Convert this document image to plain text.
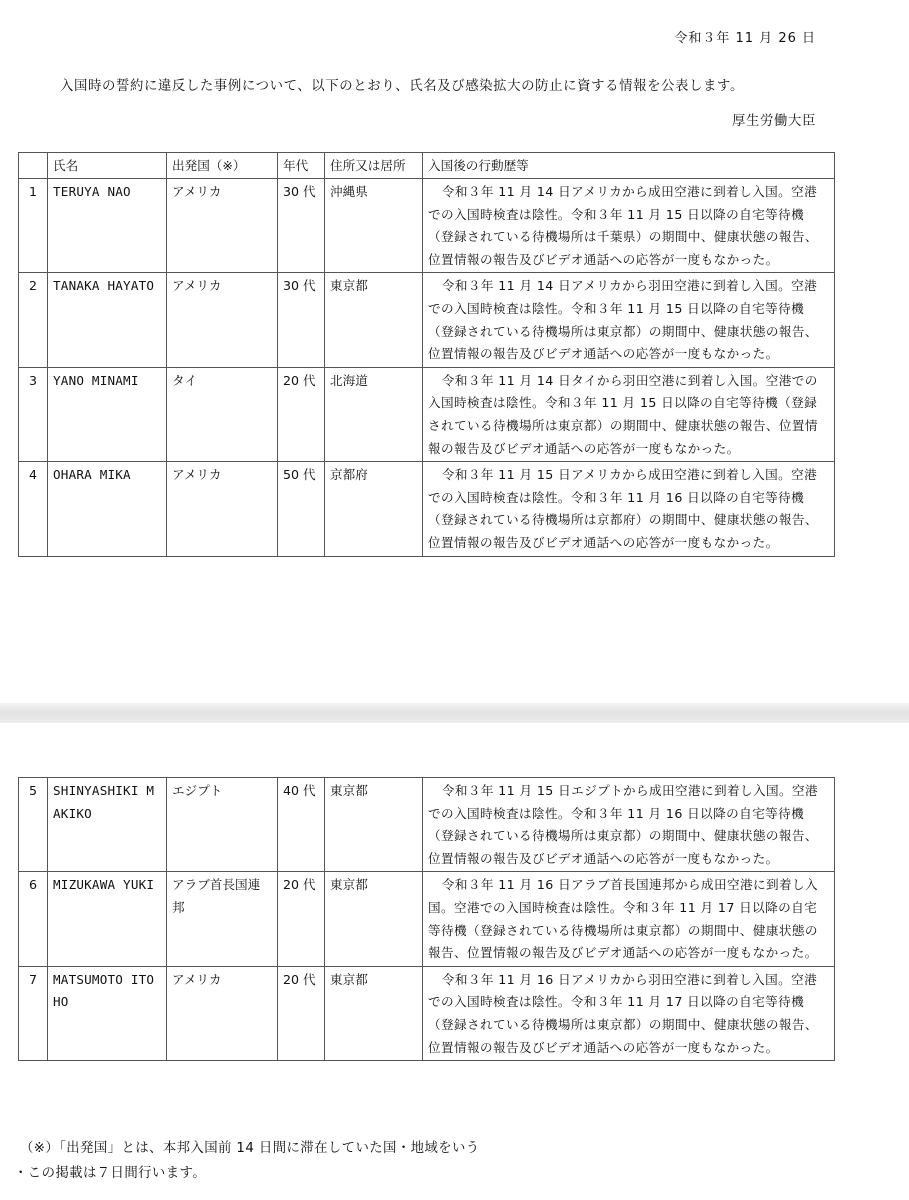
令和３年 11 月 26 日
入国時の誓約に違反した事例について、以下のとおり、氏名及び感染拡大の防止に資する情報を公表します。
厚生労働大臣
	氏名	出発国（※）	年代	住所又は居所	入国後の行動歴等
1	TERUYA NAO	アメリカ	30 代	沖縄県	令和３年 11 月 14 日アメリカから成田空港に到着し入国。空港での入国時検査は陰性。令和３年 11 月 15 日以降の自宅等待機（登録されている待機場所は千葉県）の期間中、健康状態の報告、位置情報の報告及びビデオ通話への応答が一度もなかった。
2	TANAKA HAYATO	アメリカ	30 代	東京都	令和３年 11 月 14 日アメリカから羽田空港に到着し入国。空港での入国時検査は陰性。令和３年 11 月 15 日以降の自宅等待機（登録されている待機場所は東京都）の期間中、健康状態の報告、位置情報の報告及びビデオ通話への応答が一度もなかった。
3	YANO MINAMI	タイ	20 代	北海道	令和３年 11 月 14 日タイから羽田空港に到着し入国。空港での入国時検査は陰性。令和３年 11 月 15 日以降の自宅等待機（登録されている待機場所は東京都）の期間中、健康状態の報告、位置情報の報告及びビデオ通話への応答が一度もなかった。
4	OHARA MIKA	アメリカ	50 代	京都府	令和３年 11 月 15 日アメリカから成田空港に到着し入国。空港での入国時検査は陰性。令和３年 11 月 16 日以降の自宅等待機（登録されている待機場所は京都府）の期間中、健康状態の報告、位置情報の報告及びビデオ通話への応答が一度もなかった。
5	SHINYASHIKI MAKIKO	エジプト	40 代	東京都	令和３年 11 月 15 日エジプトから成田空港に到着し入国。空港での入国時検査は陰性。令和３年 11 月 16 日以降の自宅等待機（登録されている待機場所は東京都）の期間中、健康状態の報告、位置情報の報告及びビデオ通話への応答が一度もなかった。
6	MIZUKAWA YUKI	アラブ首長国連邦	20 代	東京都	令和３年 11 月 16 日アラブ首長国連邦から成田空港に到着し入国。空港での入国時検査は陰性。令和３年 11 月 17 日以降の自宅等待機（登録されている待機場所は東京都）の期間中、健康状態の報告、位置情報の報告及びビデオ通話への応答が一度もなかった。
7	MATSUMOTO ITOHO	アメリカ	20 代	東京都	令和３年 11 月 16 日アメリカから羽田空港に到着し入国。空港での入国時検査は陰性。令和３年 11 月 17 日以降の自宅等待機（登録されている待機場所は東京都）の期間中、健康状態の報告、位置情報の報告及びビデオ通話への応答が一度もなかった。
（※）「出発国」とは、本邦入国前 14 日間に滞在していた国・地域をいう
・この掲載は７日間行います。
